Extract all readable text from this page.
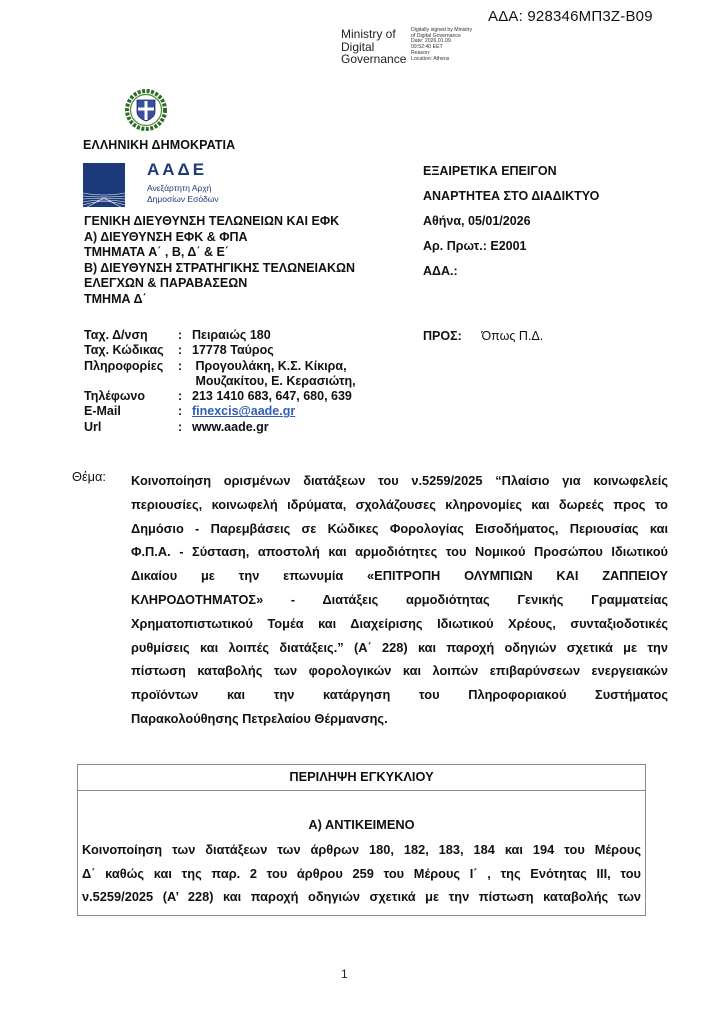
ΑΔΑ: 928346ΜΠ3Ζ-Β09
Ministry of
Digital
Governance
Digitally signed by Ministry
of Digital Governance
Date: 2026.01.09
09:52:40 EET
Reason:
Location: Athens
ΕΛΛΗΝΙΚΗ ΔΗΜΟΚΡΑΤΙΑ
ΑΑΔΕ
Ανεξάρτητη Αρχή
Δημοσίων Εσόδων
ΓΕΝΙΚΗ ΔΙΕΥΘΥΝΣΗ ΤΕΛΩΝΕΙΩΝ ΚΑΙ ΕΦΚ
Α) ΔΙΕΥΘΥΝΣΗ ΕΦΚ & ΦΠΑ
ΤΜΗΜΑΤΑ Α΄ , Β, Δ΄ & Ε΄
Β) ΔΙΕΥΘΥΝΣΗ ΣΤΡΑΤΗΓΙΚΗΣ ΤΕΛΩΝΕΙΑΚΩΝ
ΕΛΕΓΧΩΝ & ΠΑΡΑΒΑΣΕΩΝ
ΤΜΗΜΑ Δ΄
ΕΞΑΙΡΕΤΙΚΑ ΕΠΕΙΓΟΝ
ΑΝΑΡΤΗΤΕΑ ΣΤΟ ΔΙΑΔΙΚΤΥΟ
Αθήνα, 05/01/2026
Αρ. Πρωτ.: Ε2001
ΑΔΑ.:
Ταχ. Δ/νση	: Πειραιώς 180
Ταχ. Κώδικας	: 17778 Ταύρος
Πληροφορίες	: Προγουλάκη, Κ.Σ. Κίκιρα,
Μουζακίτου, Ε. Κερασιώτη,
Τηλέφωνο	: 213 1410 683, 647, 680, 639
E-Mail	: finexcis@aade.gr
Url	: www.aade.gr
ΠΡΟΣ: Όπως Π.Δ.
Θέμα: Κοινοποίηση ορισμένων διατάξεων του ν.5259/2025 “Πλαίσιο για κοινωφελείς
περιουσίες, κοινωφελή ιδρύματα, σχολάζουσες κληρονομίες και δωρεές προς το
Δημόσιο - Παρεμβάσεις σε Κώδικες Φορολογίας Εισοδήματος, Περιουσίας και
Φ.Π.Α. - Σύσταση, αποστολή και αρμοδιότητες του Νομικού Προσώπου Ιδιωτικού
Δικαίου με την επωνυμία «ΕΠΙΤΡΟΠΗ ΟΛΥΜΠΙΩΝ ΚΑΙ ΖΑΠΠΕΙΟΥ
ΚΛΗΡΟΔΟΤΗΜΑΤΟΣ» - Διατάξεις αρμοδιότητας Γενικής Γραμματείας
Χρηματοπιστωτικού Τομέα και Διαχείρισης Ιδιωτικού Χρέους, συνταξιοδοτικές
ρυθμίσεις και λοιπές διατάξεις.” (Α΄ 228) και παροχή οδηγιών σχετικά με την
πίστωση καταβολής των φορολογικών και λοιπών επιβαρύνσεων ενεργειακών
προϊόντων και την κατάργηση του Πληροφοριακού Συστήματος
Παρακολούθησης Πετρελαίου Θέρμανσης.
ΠΕΡΙΛΗΨΗ ΕΓΚΥΚΛΙΟΥ
Α) ΑΝΤΙΚΕΙΜΕΝΟ
Κοινοποίηση των διατάξεων των άρθρων 180, 182, 183, 184 και 194 του Μέρους
Δ΄ καθώς και της παρ. 2 του άρθρου 259 του Μέρους Ι΄ , της Ενότητας ΙΙΙ, του
ν.5259/2025 (Α’ 228) και παροχή οδηγιών σχετικά με την πίστωση καταβολής των
1
